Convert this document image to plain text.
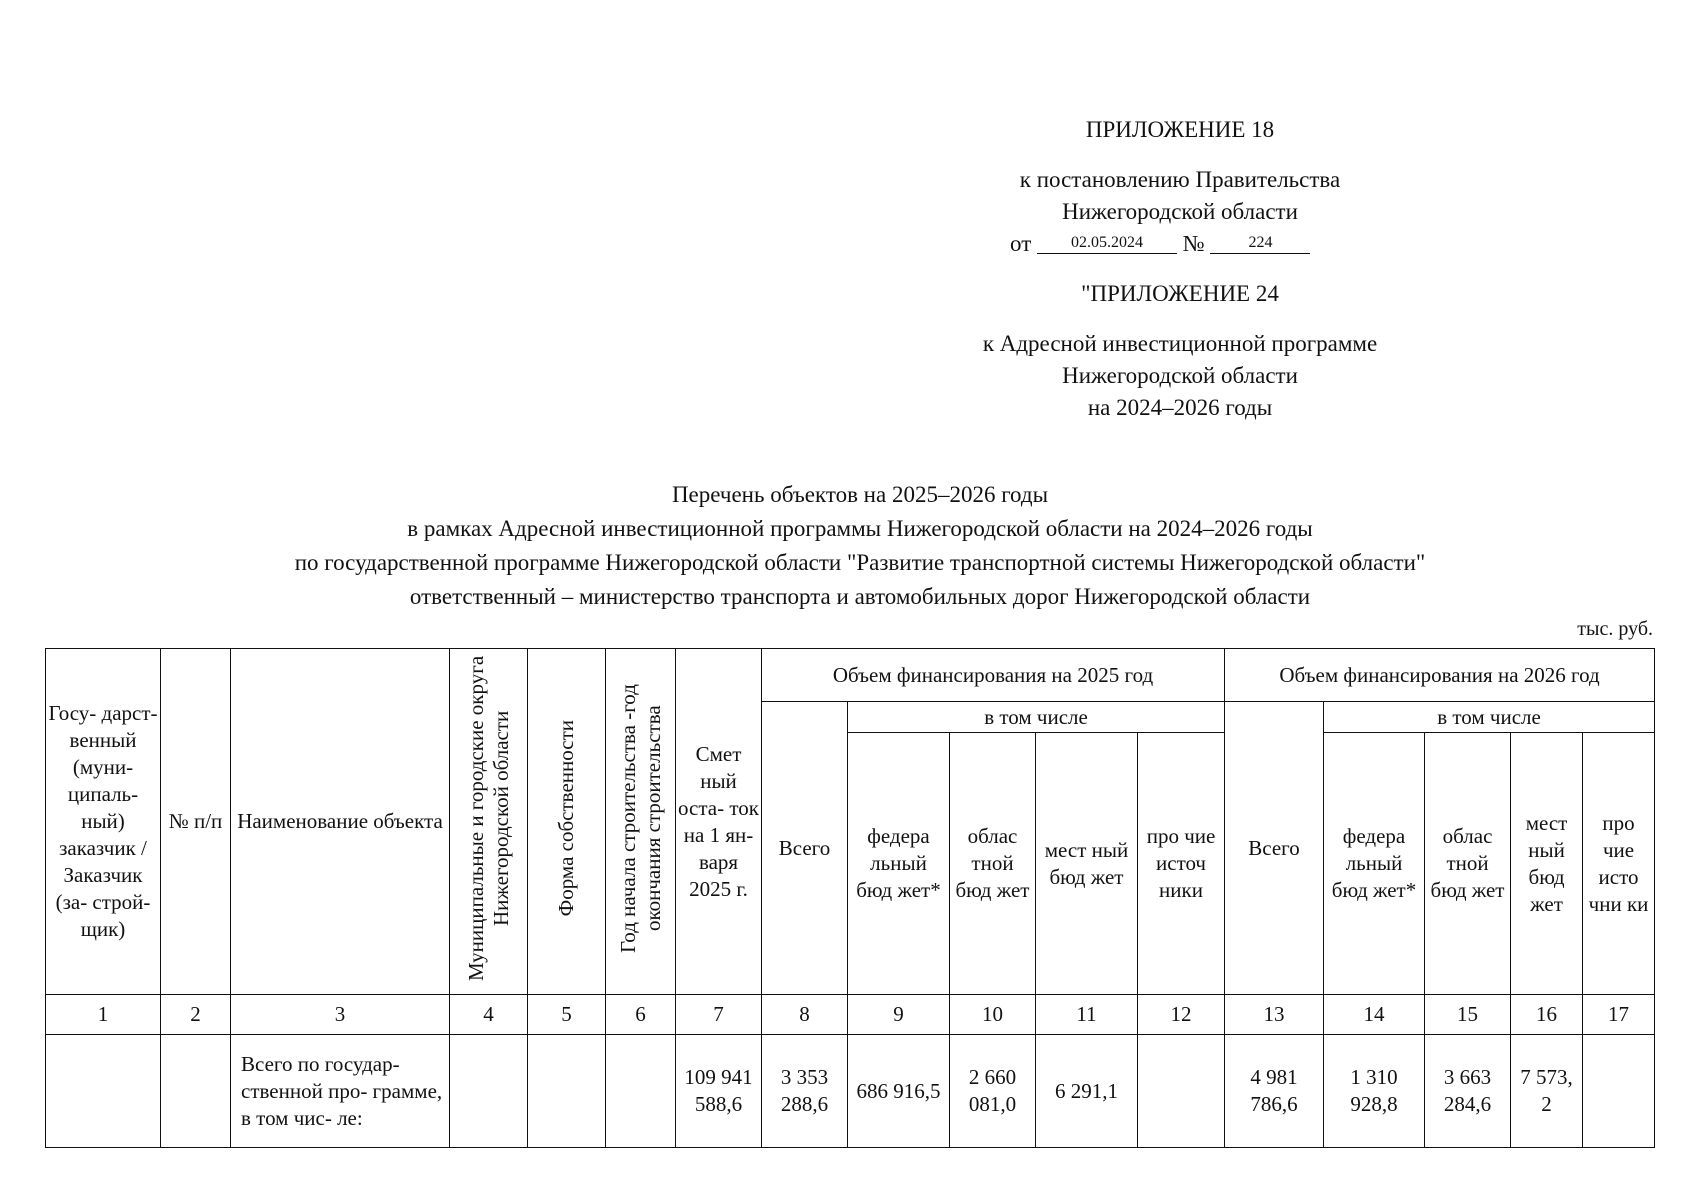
ПРИЛОЖЕНИЕ 18
к постановлению Правительства
Нижегородской области
от 02.05.2024 №	224
"ПРИЛОЖЕНИЕ 24
к Адресной инвестиционной программе
Нижегородской области
на 2024–2026 годы
Перечень объектов на 2025–2026 годы
в рамках Адресной инвестиционной программы Нижегородской области на 2024–2026 годы
по государственной программе Нижегородской области "Развитие транспортной системы Нижегородской области"
ответственный – министерство транспорта и автомобильных дорог Нижегородской области
тыс. руб.
Госу- дарст- венный (муни- ципаль- ный) заказчик / Заказчик (за- строй- щик)	№ п/п	Наименование объекта	Муниципальные и городские округа Нижегородской области	Форма собственности	Год начала строительства -год окончания строительства	Смет ный оста- ток на 1 ян- варя 2025 г.	Объем финансирования на 2025 год					Объем финансирования на 2026 год				
							Всего	в том числе				Всего	в том числе			
								федера льный бюд жет*	облас тной бюд жет	мест ный бюд жет	про чие источ ники		федера льный бюд жет*	облас тной бюд жет	мест ный бюд жет	про чие исто чни ки
1	2	3	4	5	6	7	8	9	10	11	12	13	14	15	16	17
		Всего по государ- ственной про- грамме, в том чис- ле:				109 941 588,6	3 353 288,6	686 916,5	2 660 081,0	6 291,1		4 981 786,6	1 310 928,8	3 663 284,6	7 573, 2	
